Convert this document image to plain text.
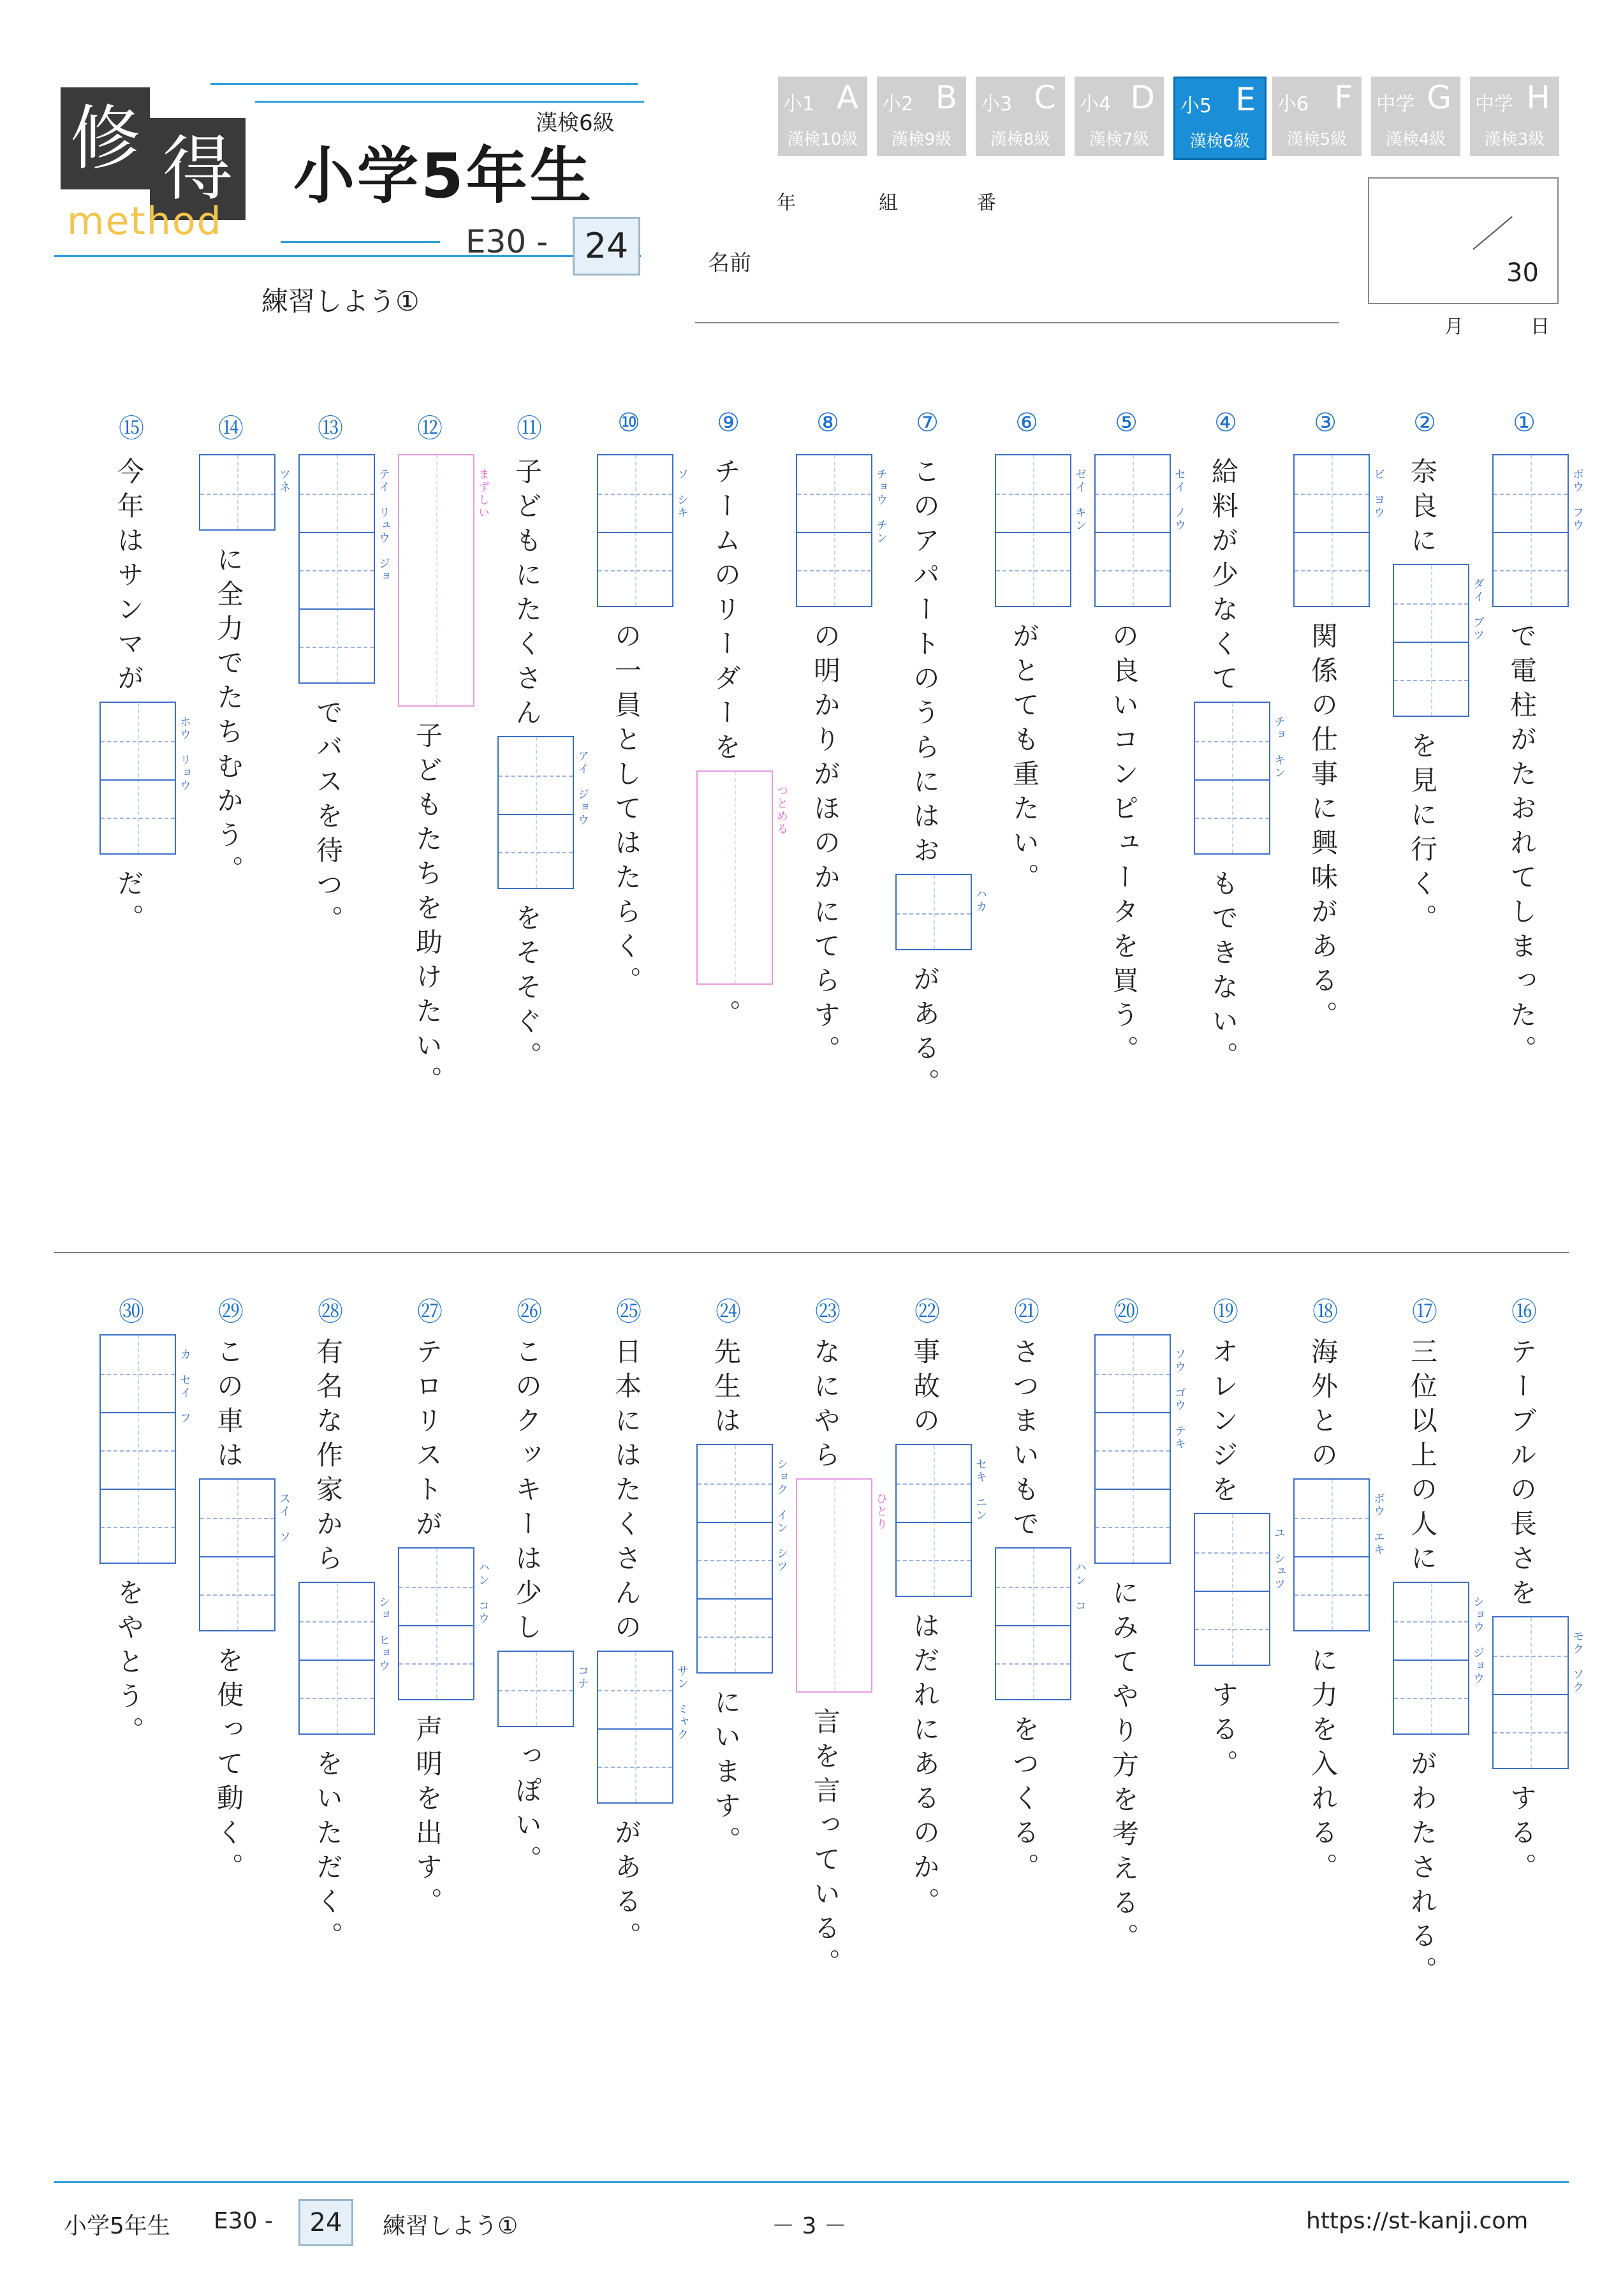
修 得
method
漢検6級
小学5年生
E30 -	24
練習しよう①
小1 A
漢検10級
小2 B
漢検9級
小3 C
漢検8級
小4 D
漢検7級
小5 E
漢検6級
小6 F
漢検5級
中学 G
漢検4級
中学 H
漢検3級
年	組	番
名前	30
月	日
①
ボウ　フウ
で電柱がたおれてしまった。
②
奈良に
ダイ　ブツ
を見に行く。
③
ビ　ヨウ
関係の仕事に興味がある。
④
給料が少なくて
チョ　キン
もできない。
⑤
セイ　ノウ
の良いコンピュータを買う。
⑥
ゼイ　キン
がとても重たい。
⑦
このアパートのうらにはお
ハカ
がある。
⑧
チョウ　チン
の明かりがほのかにてらす。
⑨
チームのリーダーを
つとめる
。
⑩
ソ　シキ
の一員としてはたらく。
⑪
子どもにたくさん
アイ　ジョウ
をそそぐ。
⑫
まずしい
子どもたちを助けたい。
⑬
テイ　リュウ　ジョ
でバスを待つ。
⑭
ツネ
に全力でたちむかう。
⑮
今年はサンマが
ホウ　リョウ
だ。
⑯
テーブルの長さを
モク　ソク
する。
⑰
三位以上の人に
ショウ　ジョウ
がわたされる。
⑱
海外との
ボウ　エキ
に力を入れる。
⑲
オレンジを
ユ　シュツ
する。
⑳
ソウ　ゴウ　テキ
にみてやり方を考える。
㉑
さつまいもで
ハン　コ
をつくる。
㉒
事故の
セキ　ニン
はだれにあるのか。
㉓
なにやら
ひとり
言を言っている。
㉔
先生は
ショク　イン　シツ
にいます。
㉕
日本にはたくさんの
サン　ミャク
がある。
㉖
このクッキーは少し
コナ
っぽい。
㉗
テロリストが
ハン　コウ
声明を出す。
㉘
有名な作家から
ショ　ヒョウ
をいただく。
㉙
この車は
スイ　ソ
を使って動く。
㉚
カ　セイ　フ
をやとう。
小学5年生 E30 -	24	練習しよう①	－ 3 －	https://st-kanji.com
